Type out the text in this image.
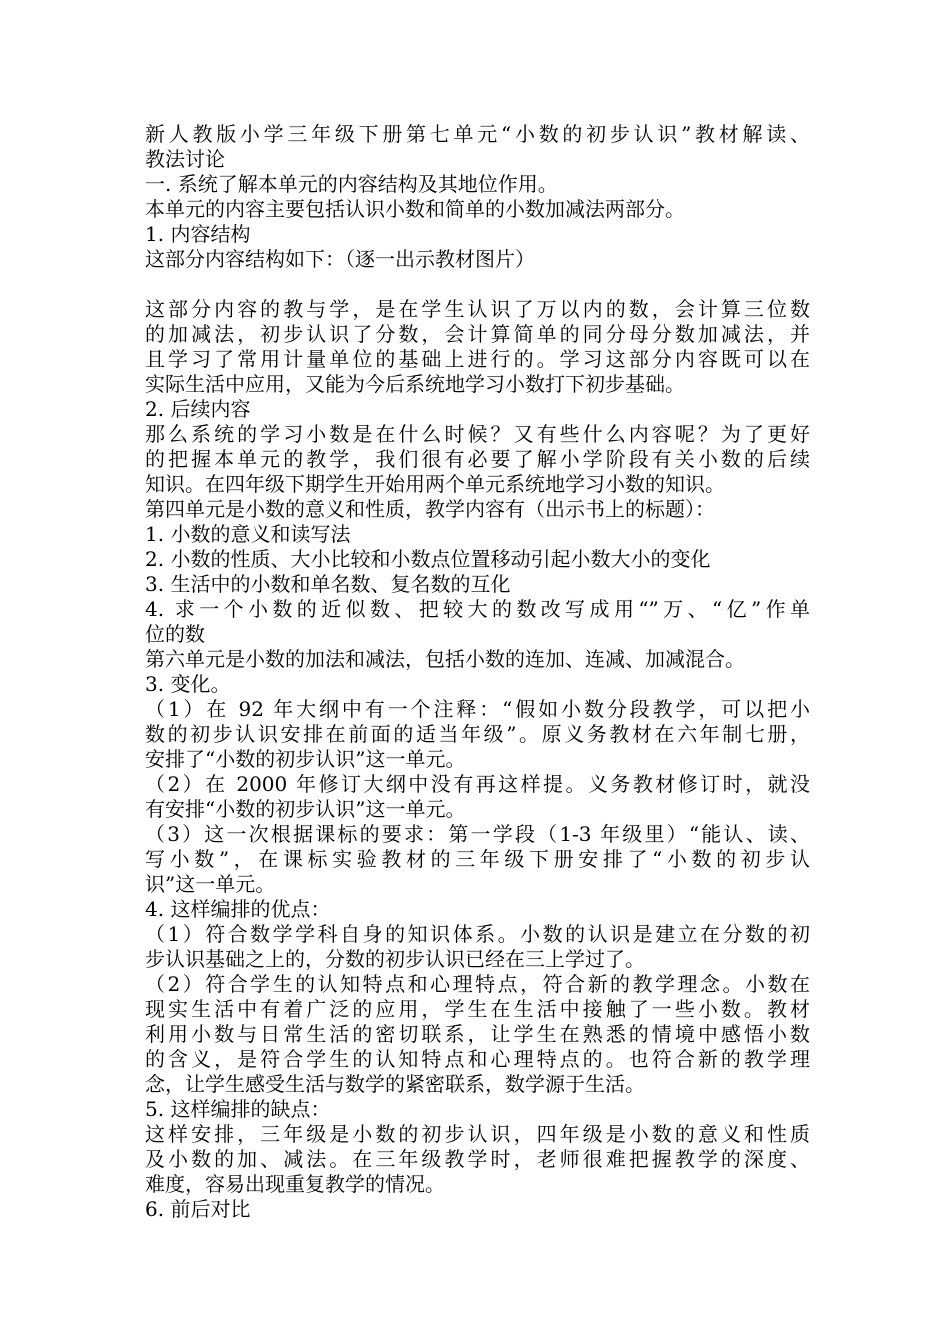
新人教版小学三年级下册第七单元“小数的初步认识”教材解读、
教法讨论
一. 系统了解本单元的内容结构及其地位作用。
本单元的内容主要包括认识小数和简单的小数加减法两部分。
1. 内容结构
这部分内容结构如下：（逐一出示教材图片）
这部分内容的教与学，是在学生认识了万以内的数，会计算三位数
的加减法，初步认识了分数，会计算简单的同分母分数加减法，并
且学习了常用计量单位的基础上进行的。学习这部分内容既可以在
实际生活中应用，又能为今后系统地学习小数打下初步基础。
2. 后续内容
那么系统的学习小数是在什么时候？又有些什么内容呢？为了更好
的把握本单元的教学，我们很有必要了解小学阶段有关小数的后续
知识。在四年级下期学生开始用两个单元系统地学习小数的知识。
第四单元是小数的意义和性质，教学内容有（出示书上的标题）：
1. 小数的意义和读写法
2. 小数的性质、大小比较和小数点位置移动引起小数大小的变化
3. 生活中的小数和单名数、复名数的互化
4. 求一个小数的近似数、把较大的数改写成用“”万、“亿”作单
位的数
第六单元是小数的加法和减法，包括小数的连加、连减、加减混合。
3. 变化。
（1）在 92 年大纲中有一个注释：“假如小数分段教学，可以把小
数的初步认识安排在前面的适当年级”。原义务教材在六年制七册，
安排了“小数的初步认识”这一单元。
（2）在 2000 年修订大纲中没有再这样提。义务教材修订时，就没
有安排“小数的初步认识”这一单元。
（3）这一次根据课标的要求：第一学段（1-3 年级里）“能认、读、
写小数”，在课标实验教材的三年级下册安排了“小数的初步认
识”这一单元。
4. 这样编排的优点：
（1）符合数学学科自身的知识体系。小数的认识是建立在分数的初
步认识基础之上的，分数的初步认识已经在三上学过了。
（2）符合学生的认知特点和心理特点，符合新的教学理念。小数在
现实生活中有着广泛的应用，学生在生活中接触了一些小数。教材
利用小数与日常生活的密切联系，让学生在熟悉的情境中感悟小数
的含义，是符合学生的认知特点和心理特点的。也符合新的教学理
念，让学生感受生活与数学的紧密联系，数学源于生活。
5. 这样编排的缺点：
这样安排，三年级是小数的初步认识，四年级是小数的意义和性质
及小数的加、减法。在三年级教学时，老师很难把握教学的深度、
难度，容易出现重复教学的情况。
6. 前后对比
